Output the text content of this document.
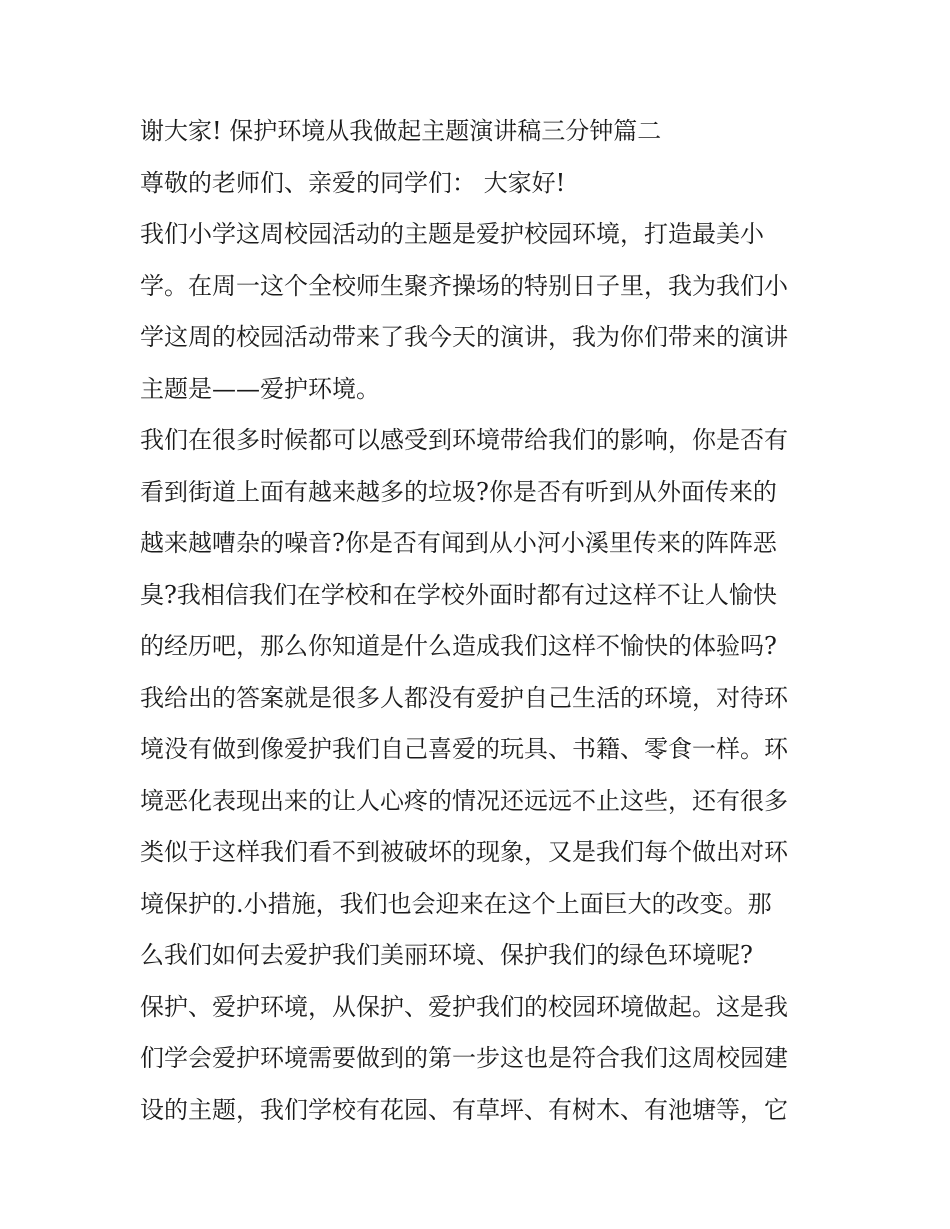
谢大家! 保护环境从我做起主题演讲稿三分钟篇二
尊敬的老师们、亲爱的同学们： 大家好!
我们小学这周校园活动的主题是爱护校园环境，打造最美小
学。在周一这个全校师生聚齐操场的特别日子里，我为我们小
学这周的校园活动带来了我今天的演讲，我为你们带来的演讲
主题是——爱护环境。
我们在很多时候都可以感受到环境带给我们的影响，你是否有
看到街道上面有越来越多的垃圾?你是否有听到从外面传来的
越来越嘈杂的噪音?你是否有闻到从小河小溪里传来的阵阵恶
臭?我相信我们在学校和在学校外面时都有过这样不让人愉快
的经历吧，那么你知道是什么造成我们这样不愉快的体验吗?
我给出的答案就是很多人都没有爱护自己生活的环境，对待环
境没有做到像爱护我们自己喜爱的玩具、书籍、零食一样。环
境恶化表现出来的让人心疼的情况还远远不止这些，还有很多
类似于这样我们看不到被破坏的现象，又是我们每个做出对环
境保护的.小措施，我们也会迎来在这个上面巨大的改变。那
么我们如何去爱护我们美丽环境、保护我们的绿色环境呢?
保护、爱护环境，从保护、爱护我们的校园环境做起。这是我
们学会爱护环境需要做到的第一步这也是符合我们这周校园建
设的主题，我们学校有花园、有草坪、有树木、有池塘等，它
